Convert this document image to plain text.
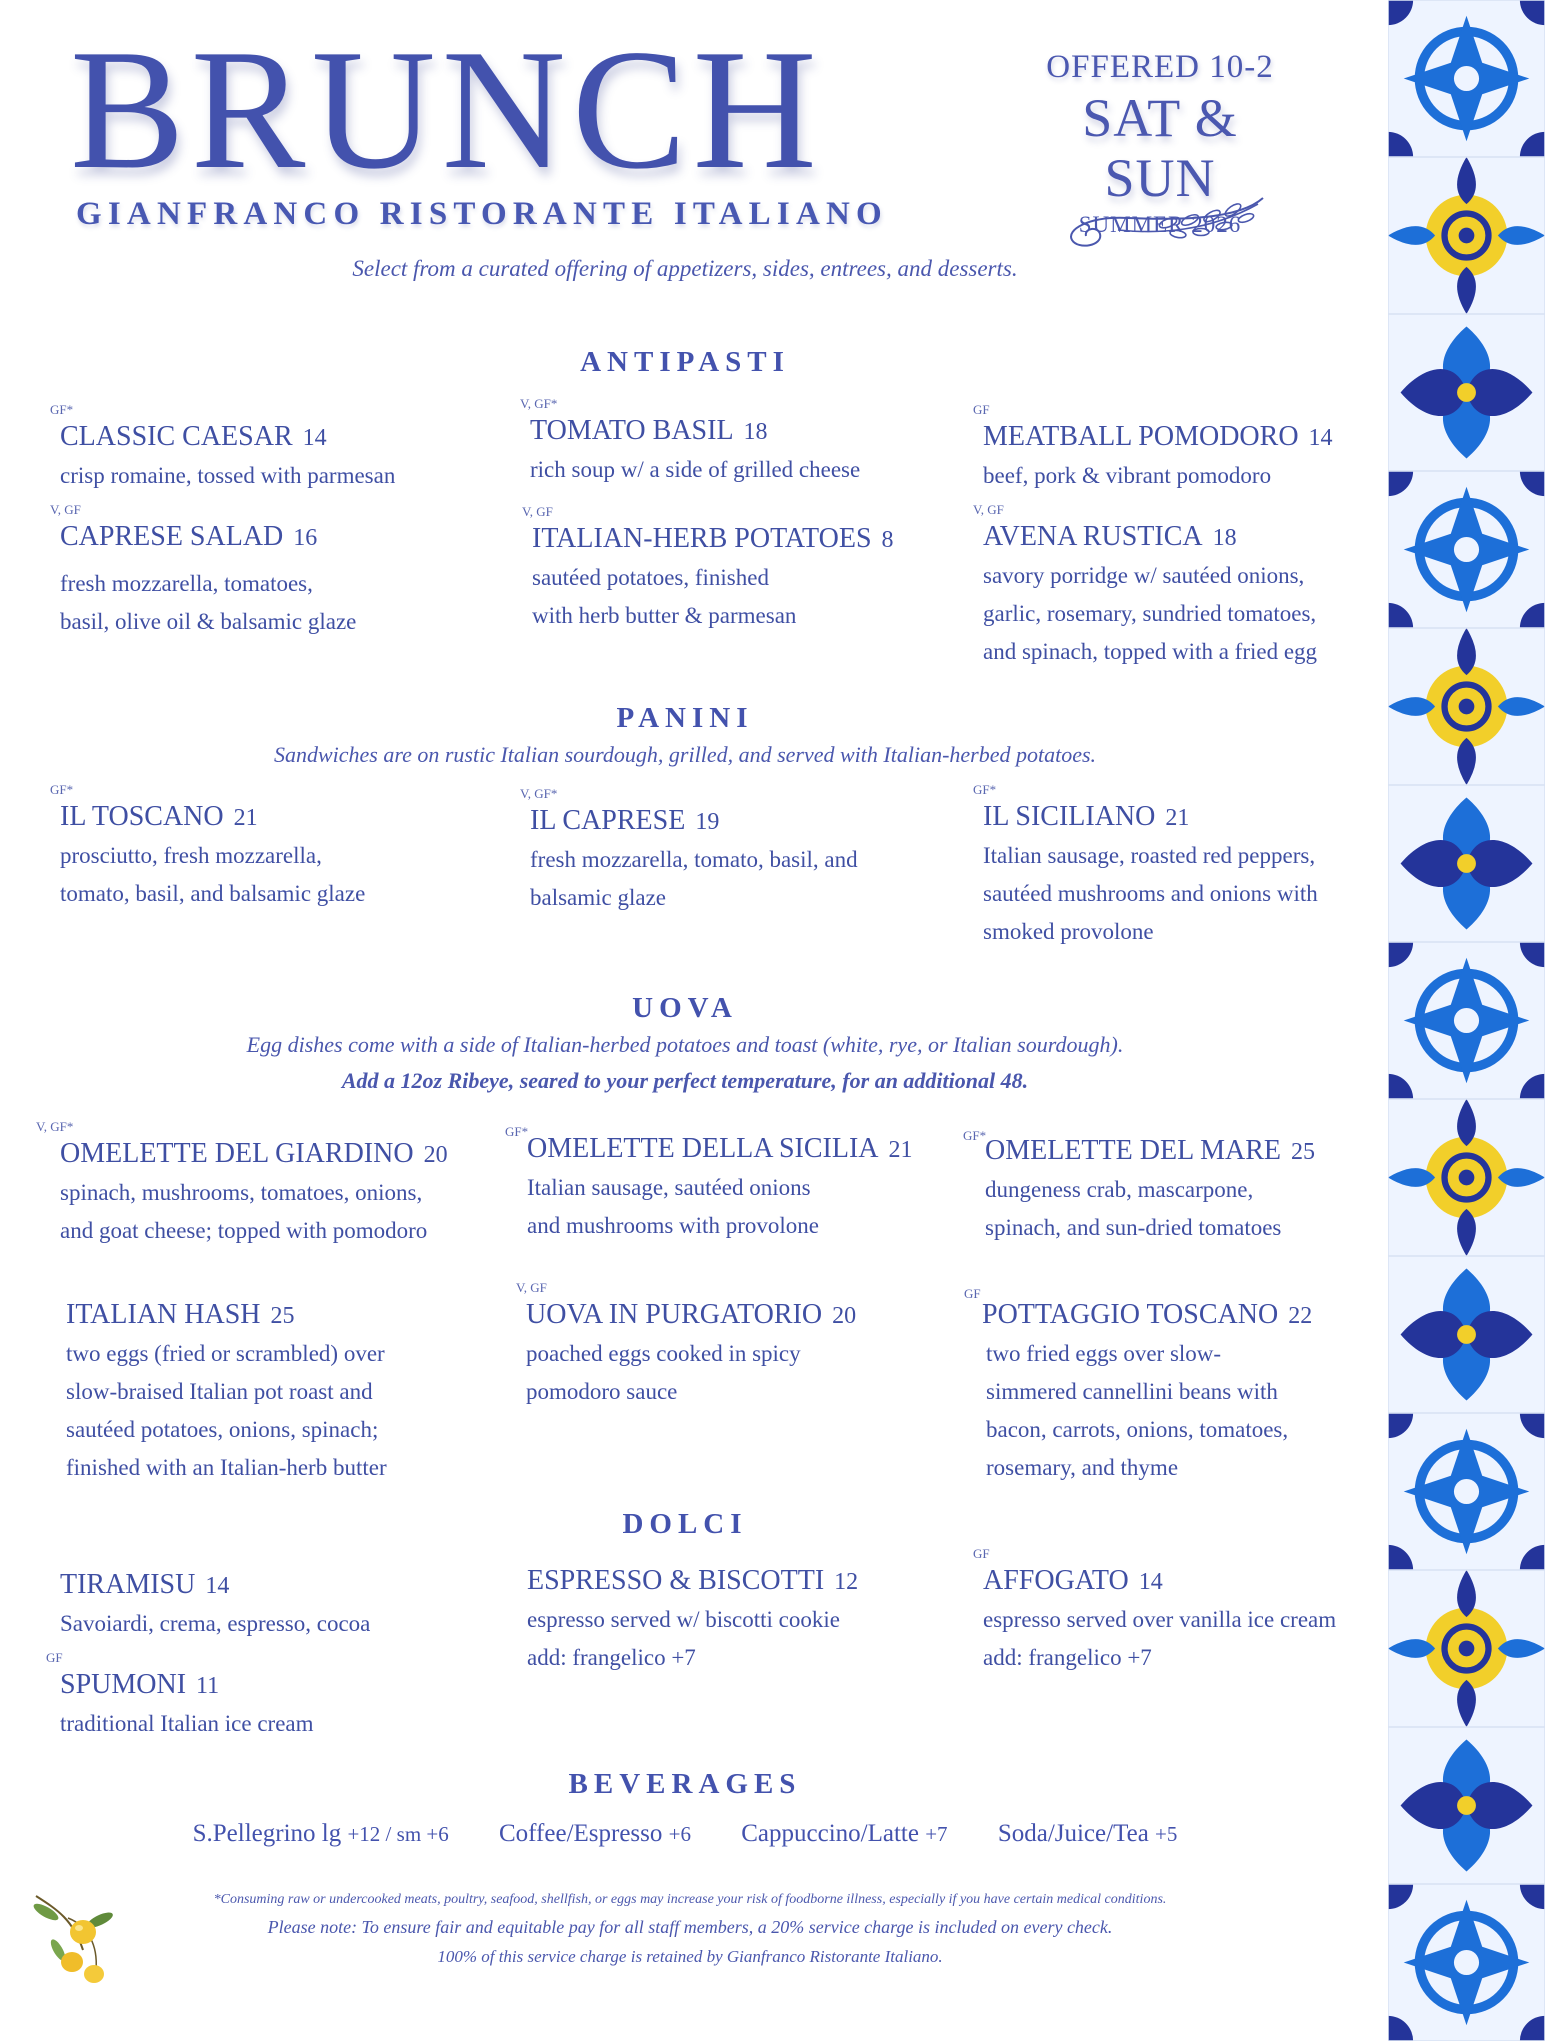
BRUNCH
GIANFRANCO RISTORANTE ITALIANO
OFFERED 10-2
SAT & SUN
SUMMER 2026
Select from a curated offering of appetizers, sides, entrees, and desserts.
ANTIPASTI
GF*
CLASSIC CAESAR 14
crisp romaine, tossed with parmesan
V, GF*
TOMATO BASIL 18
rich soup w/ a side of grilled cheese
GF
MEATBALL POMODORO 14
beef, pork & vibrant pomodoro
V, GF
CAPRESE SALAD 16
fresh mozzarella, tomatoes,
basil, olive oil & balsamic glaze
V, GF
ITALIAN-HERB POTATOES 8
sautéed potatoes, finished
with herb butter & parmesan
V, GF
AVENA RUSTICA 18
savory porridge w/ sautéed onions,
garlic, rosemary, sundried tomatoes,
and spinach, topped with a fried egg
PANINI
Sandwiches are on rustic Italian sourdough, grilled, and served with Italian-herbed potatoes.
GF*
IL TOSCANO 21
prosciutto, fresh mozzarella,
tomato, basil, and balsamic glaze
V, GF*
IL CAPRESE 19
fresh mozzarella, tomato, basil, and
balsamic glaze
GF*
IL SICILIANO 21
Italian sausage, roasted red peppers,
sautéed mushrooms and onions with
smoked provolone
UOVA
Egg dishes come with a side of Italian-herbed potatoes and toast (white, rye, or Italian sourdough).
Add a 12oz Ribeye, seared to your perfect temperature, for an additional 48.
V, GF*
OMELETTE DEL GIARDINO 20
spinach, mushrooms, tomatoes, onions,
and goat cheese; topped with pomodoro
GF*
OMELETTE DELLA SICILIA 21
Italian sausage, sautéed onions
and mushrooms with provolone
GF*
OMELETTE DEL MARE 25
dungeness crab, mascarpone,
spinach, and sun-dried tomatoes
ITALIAN HASH 25
two eggs (fried or scrambled) over
slow-braised Italian pot roast and
sautéed potatoes, onions, spinach;
finished with an Italian-herb butter
V, GF
UOVA IN PURGATORIO 20
poached eggs cooked in spicy
pomodoro sauce
GF
POTTAGGIO TOSCANO 22
two fried eggs over slow-
simmered cannellini beans with
bacon, carrots, onions, tomatoes,
rosemary, and thyme
DOLCI
TIRAMISU 14
Savoiardi, crema, espresso, cocoa
ESPRESSO & BISCOTTI 12
espresso served w/ biscotti cookie
add: frangelico +7
GF
AFFOGATO 14
espresso served over vanilla ice cream
add: frangelico +7
GF
SPUMONI 11
traditional Italian ice cream
BEVERAGES
S.Pellegrino lg +12 / sm +6 Coffee/Espresso +6 Cappuccino/Latte +7 Soda/Juice/Tea +5
*Consuming raw or undercooked meats, poultry, seafood, shellfish, or eggs may increase your risk of foodborne illness, especially if you have certain medical conditions.
Please note: To ensure fair and equitable pay for all staff members, a 20% service charge is included on every check.
100% of this service charge is retained by Gianfranco Ristorante Italiano.
